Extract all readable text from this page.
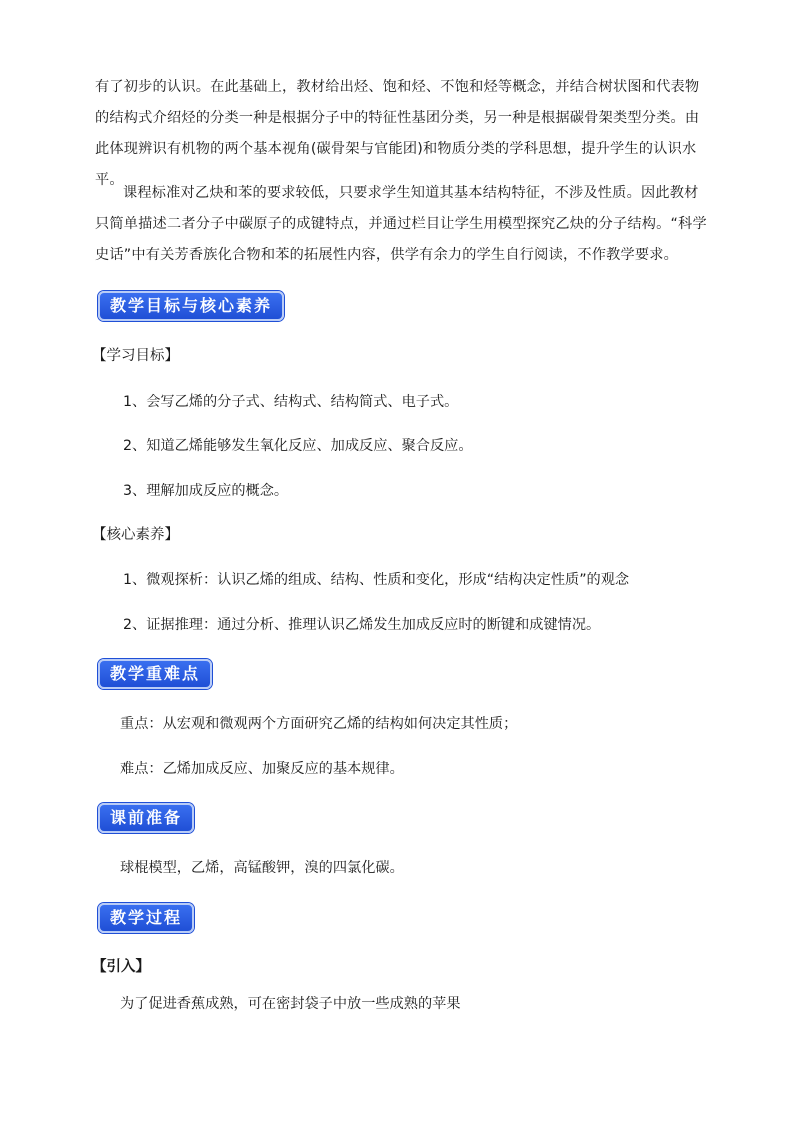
有了初步的认识。在此基础上，教材给出烃、饱和烃、不饱和烃等概念，并结合树状图和代表物的结构式介绍烃的分类一种是根据分子中的特征性基团分类，另一种是根据碳骨架类型分类。由此体现辨识有机物的两个基本视角(碳骨架与官能团)和物质分类的学科思想，提升学生的认识水平。

课程标准对乙炔和苯的要求较低，只要求学生知道其基本结构特征，不涉及性质。因此教材只简单描述二者分子中碳原子的成键特点，并通过栏目让学生用模型探究乙炔的分子结构。“科学史话”中有关芳香族化合物和苯的拓展性内容，供学有余力的学生自行阅读，不作教学要求。

教学目标与核心素养
【学习目标】
1、会写乙烯的分子式、结构式、结构简式、电子式。
2、知道乙烯能够发生氧化反应、加成反应、聚合反应。
3、理解加成反应的概念。
【核心素养】
1、微观探析：认识乙烯的组成、结构、性质和变化，形成“结构决定性质”的观念
2、证据推理：通过分析、推理认识乙烯发生加成反应时的断键和成键情况。
教学重难点
重点：从宏观和微观两个方面研究乙烯的结构如何决定其性质；
难点：乙烯加成反应、加聚反应的基本规律。
课前准备
球棍模型，乙烯，高锰酸钾，溴的四氯化碳。
教学过程
【引入】
为了促进香蕉成熟，可在密封袋子中放一些成熟的苹果
